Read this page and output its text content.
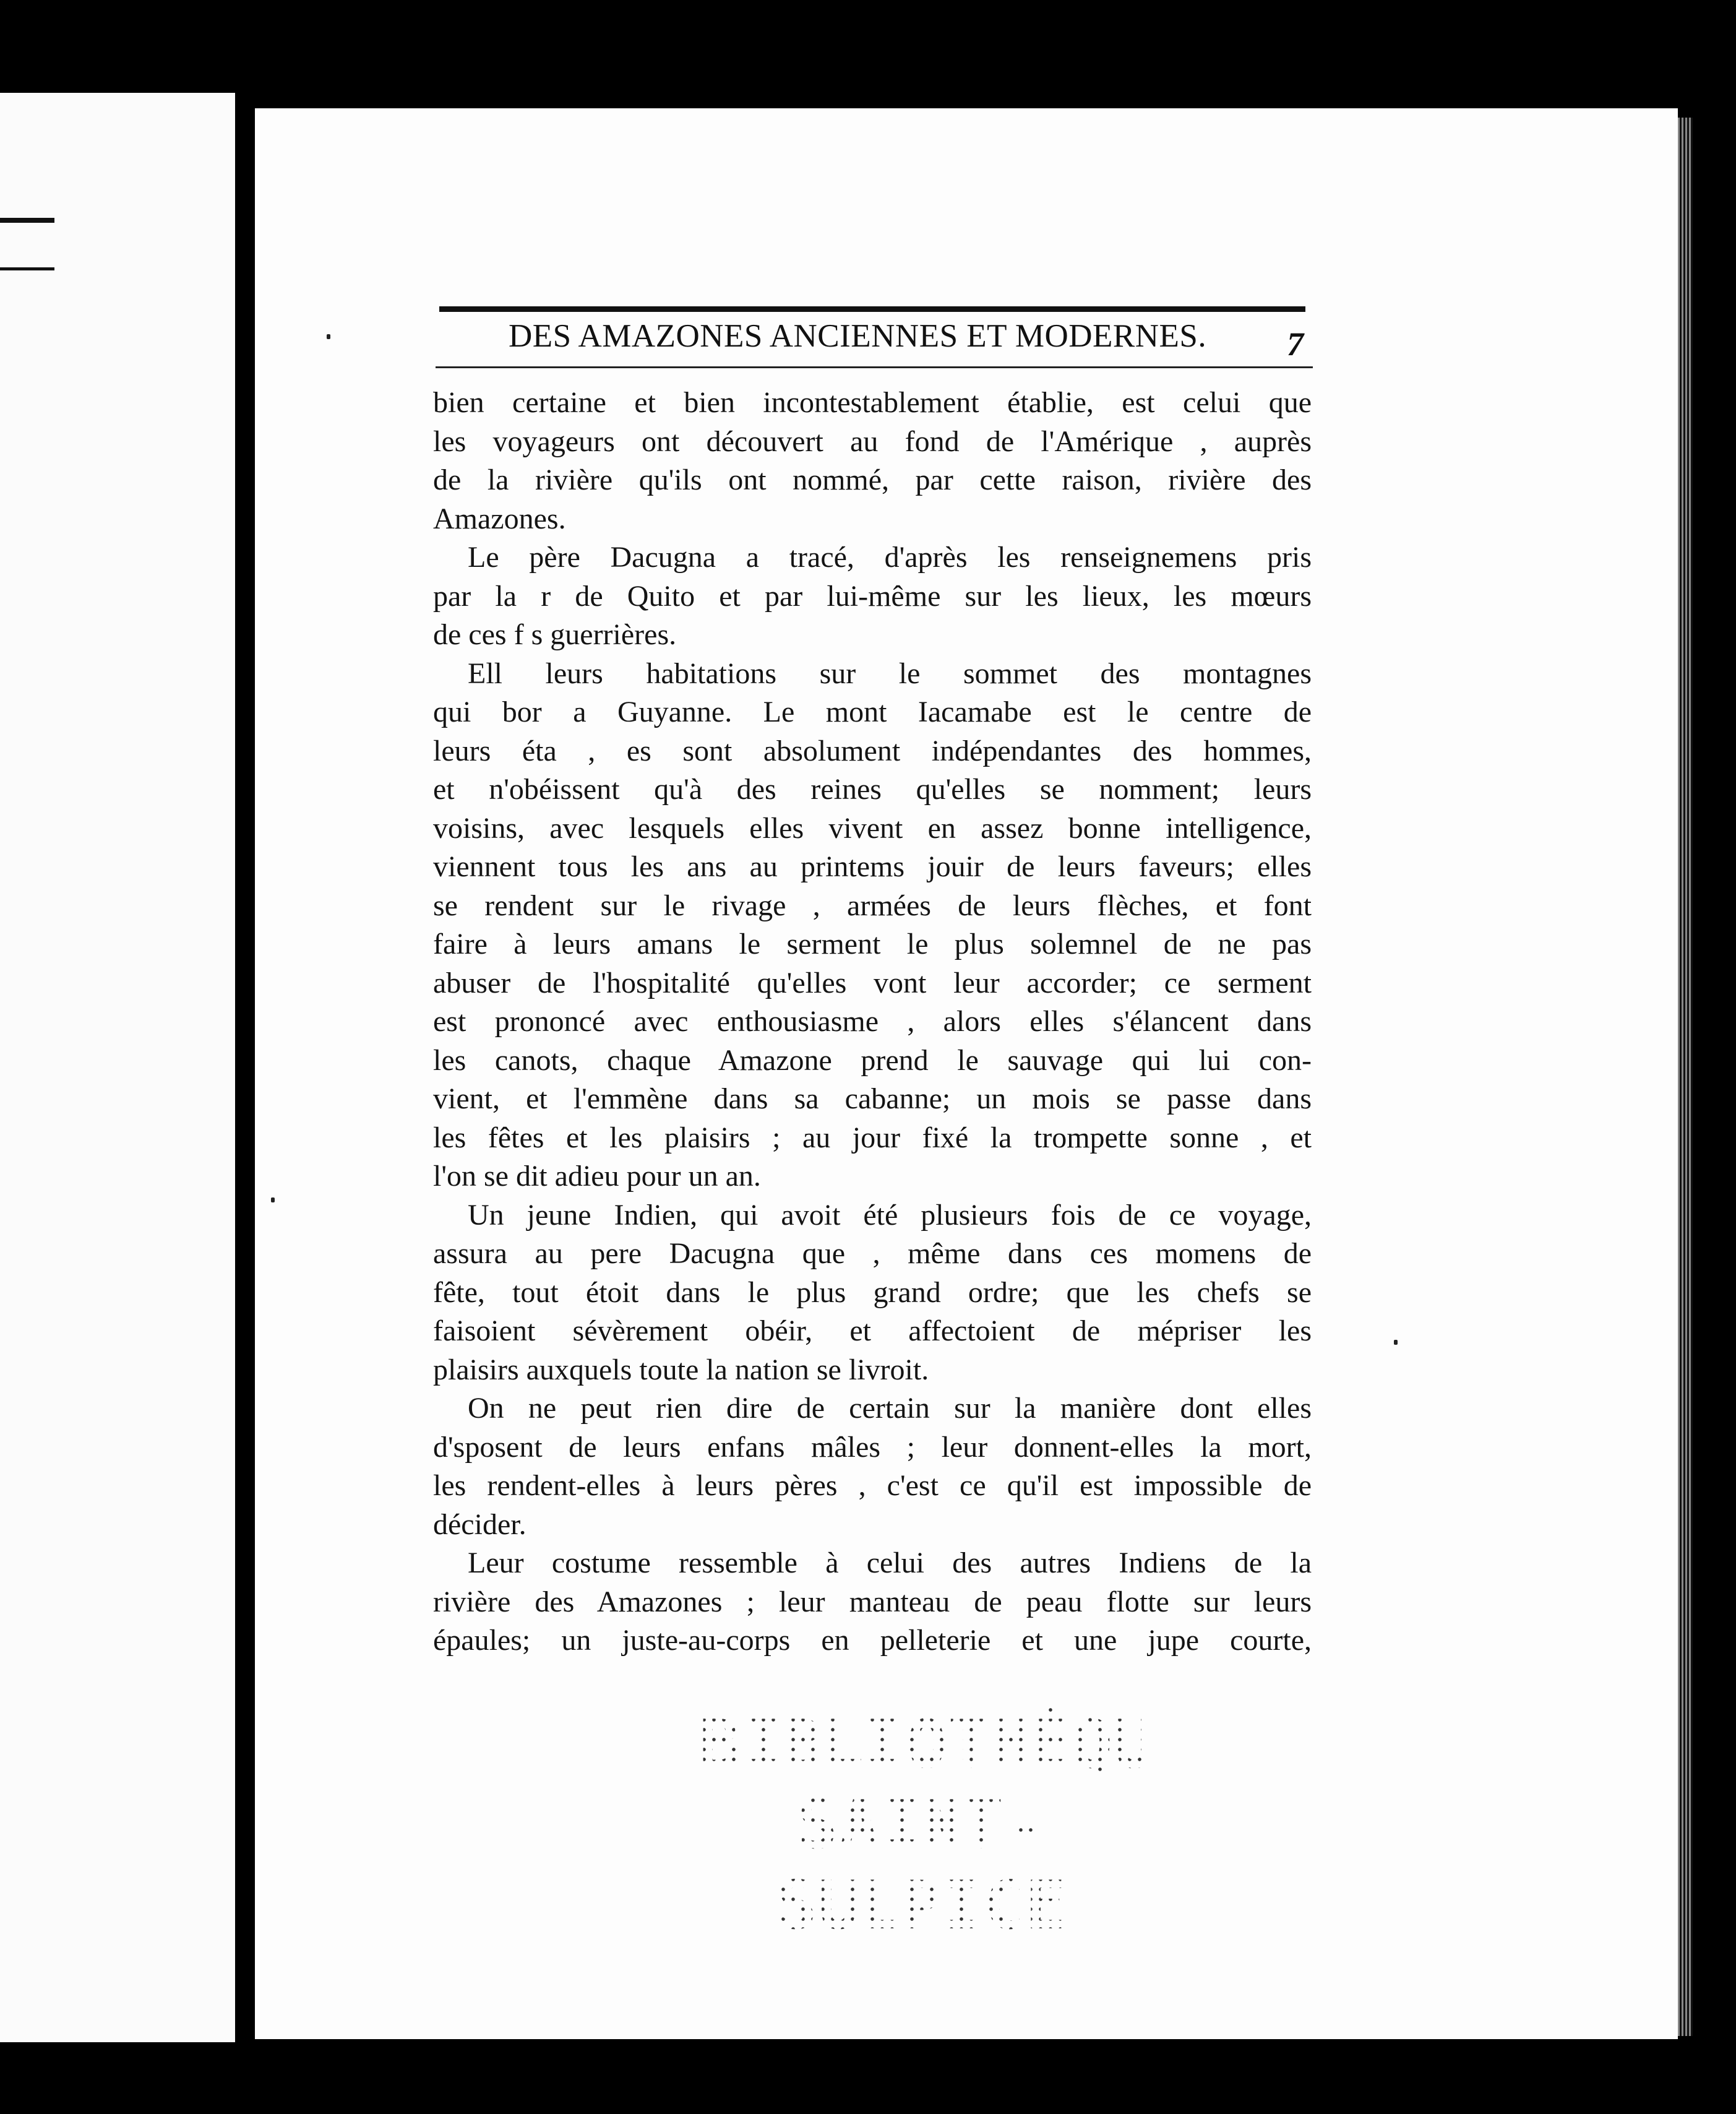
DES AMAZONES ANCIENNES ET MODERNES. 7
bien certaine et bien incontestablement établie, est celui que
les voyageurs ont découvert au fond de l'Amérique , auprès
de la rivière qu'ils ont nommé, par cette raison, rivière des
Amazones.
Le père Dacugna a tracé, d'après les renseignemens pris
par la r de Quito et par lui-même sur les lieux, les mœurs
de ces f s guerrières.
Ell leurs habitations sur le sommet des montagnes
qui bor a Guyanne. Le mont Iacamabe est le centre de
leurs éta , es sont absolument indépendantes des hommes,
et n'obéissent qu'à des reines qu'elles se nomment; leurs
voisins, avec lesquels elles vivent en assez bonne intelligence,
viennent tous les ans au printems jouir de leurs faveurs; elles
se rendent sur le rivage , armées de leurs flèches, et font
faire à leurs amans le serment le plus solemnel de ne pas
abuser de l'hospitalité qu'elles vont leur accorder; ce serment
est prononcé avec enthousiasme , alors elles s'élancent dans
les canots, chaque Amazone prend le sauvage qui lui con-
vient, et l'emmène dans sa cabanne; un mois se passe dans
les fêtes et les plaisirs ; au jour fixé la trompette sonne , et
l'on se dit adieu pour un an.
Un jeune Indien, qui avoit été plusieurs fois de ce voyage,
assura au pere Dacugna que , même dans ces momens de
fête, tout étoit dans le plus grand ordre; que les chefs se
faisoient sévèrement obéir, et affectoient de mépriser les
plaisirs auxquels toute la nation se livroit.
On ne peut rien dire de certain sur la manière dont elles
d'sposent de leurs enfans mâles ; leur donnent-elles la mort,
les rendent-elles à leurs pères , c'est ce qu'il est impossible de
décider.
Leur costume ressemble à celui des autres Indiens de la
rivière des Amazones ; leur manteau de peau flotte sur leurs
épaules; un juste-au-corps en pelleterie et une jupe courte,
BIBLIOTHÈQUE
SAINT-SULPICE
